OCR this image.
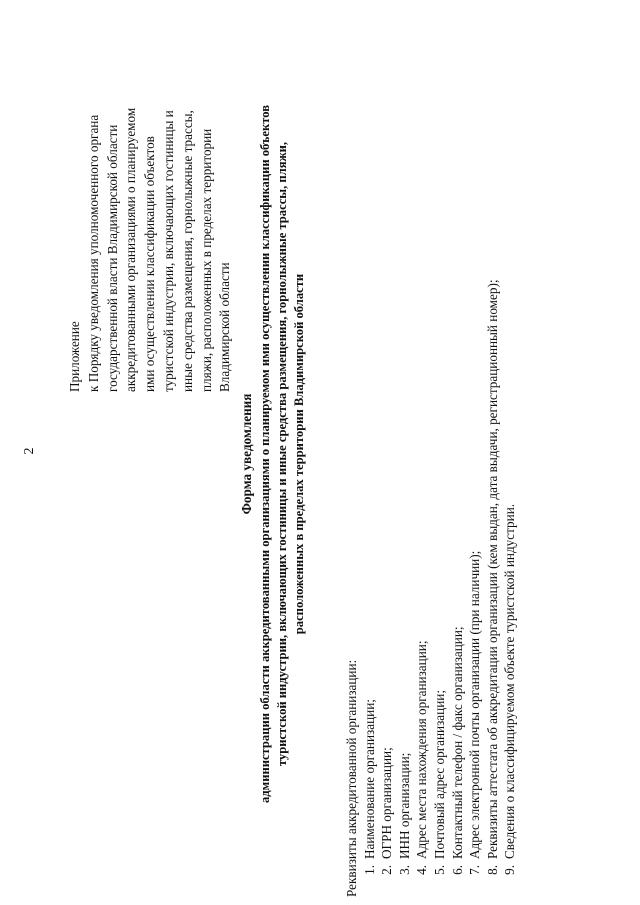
2
Приложение к Порядку уведомления уполномоченного органа государственной власти Владимирской области аккредитованными организациями о планируемом ими осуществлении классификации объектов туристской индустрии, включающих гостиницы и иные средства размещения, горнолыжные трассы, пляжи, расположенных в пределах территории Владимирской области
Форма уведомления администрации области аккредитованными организациями о планируемом ими осуществлении классификации объектов туристской индустрии, включающих гостиницы и иные средства размещения, горнолыжные трассы, пляжи, расположенных в пределах территории Владимирской области
Реквизиты аккредитованной организации: 1.Наименование организации;
2.ОГРН организации;
3.ИНН организации;
4.Адрес места нахождения организации;
5.Почтовый адрес организации;
6.Контактный телефон / факс организации;
7.Адрес электронной почты организации (при наличии);
8.Реквизиты аттестата об аккредитации организации (кем выдан, дата выдачи, регистрационный номер);
9.Сведения о классифицируемом объекте туристской индустрии.
